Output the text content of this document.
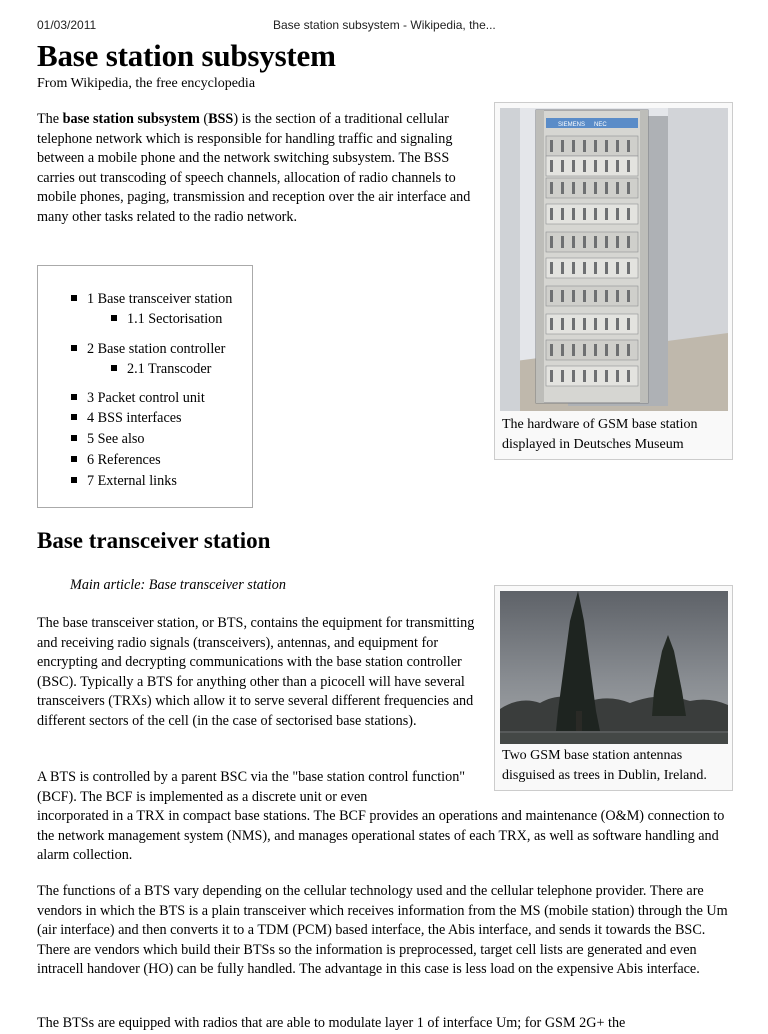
01/03/2011	Base station subsystem - Wikipedia, the...
Base station subsystem
From Wikipedia, the free encyclopedia

The base station subsystem (BSS) is the section of a traditional cellular telephone network which is responsible for handling traffic and signaling between a mobile phone and the network switching subsystem. The BSS carries out transcoding of speech channels, allocation of radio channels to mobile phones, paging, transmission and reception over the air interface and many other tasks related to the radio network.

1 Base transceiver station
1.1 Sectorisation
2 Base station controller
2.1 Transcoder
3 Packet control unit
4 BSS interfaces
5 See also
6 References
7 External links
SIEMENS NEC
The hardware of GSM base station displayed in Deutsches Museum
Base transceiver station
Main article: Base transceiver station
Two GSM base station antennas disguised as trees in Dublin, Ireland.

The base transceiver station, or BTS, contains the equipment for transmitting and receiving radio signals (transceivers), antennas, and equipment for encrypting and decrypting communications with the base station controller (BSC). Typically a BTS for anything other than a picocell will have several transceivers (TRXs) which allow it to serve several different frequencies and different sectors of the cell (in the case of sectorised base stations).

A BTS is controlled by a parent BSC via the "base station control function" (BCF). The BCF is implemented as a discrete unit or even
incorporated in a TRX in compact base stations. The BCF provides an operations and maintenance (O&M) connection to the network management system (NMS), and manages operational states of each TRX, as well as software handling and alarm collection.

The functions of a BTS vary depending on the cellular technology used and the cellular telephone provider. There are vendors in which the BTS is a plain transceiver which receives information from the MS (mobile station) through the Um (air interface) and then converts it to a TDM (PCM) based interface, the Abis interface, and sends it towards the BSC. There are vendors which build their BTSs so the information is preprocessed, target cell lists are generated and even intracell handover (HO) can be fully handled. The advantage in this case is less load on the expensive Abis interface.

The BTSs are equipped with radios that are able to modulate layer 1 of interface Um; for GSM 2G+ the
